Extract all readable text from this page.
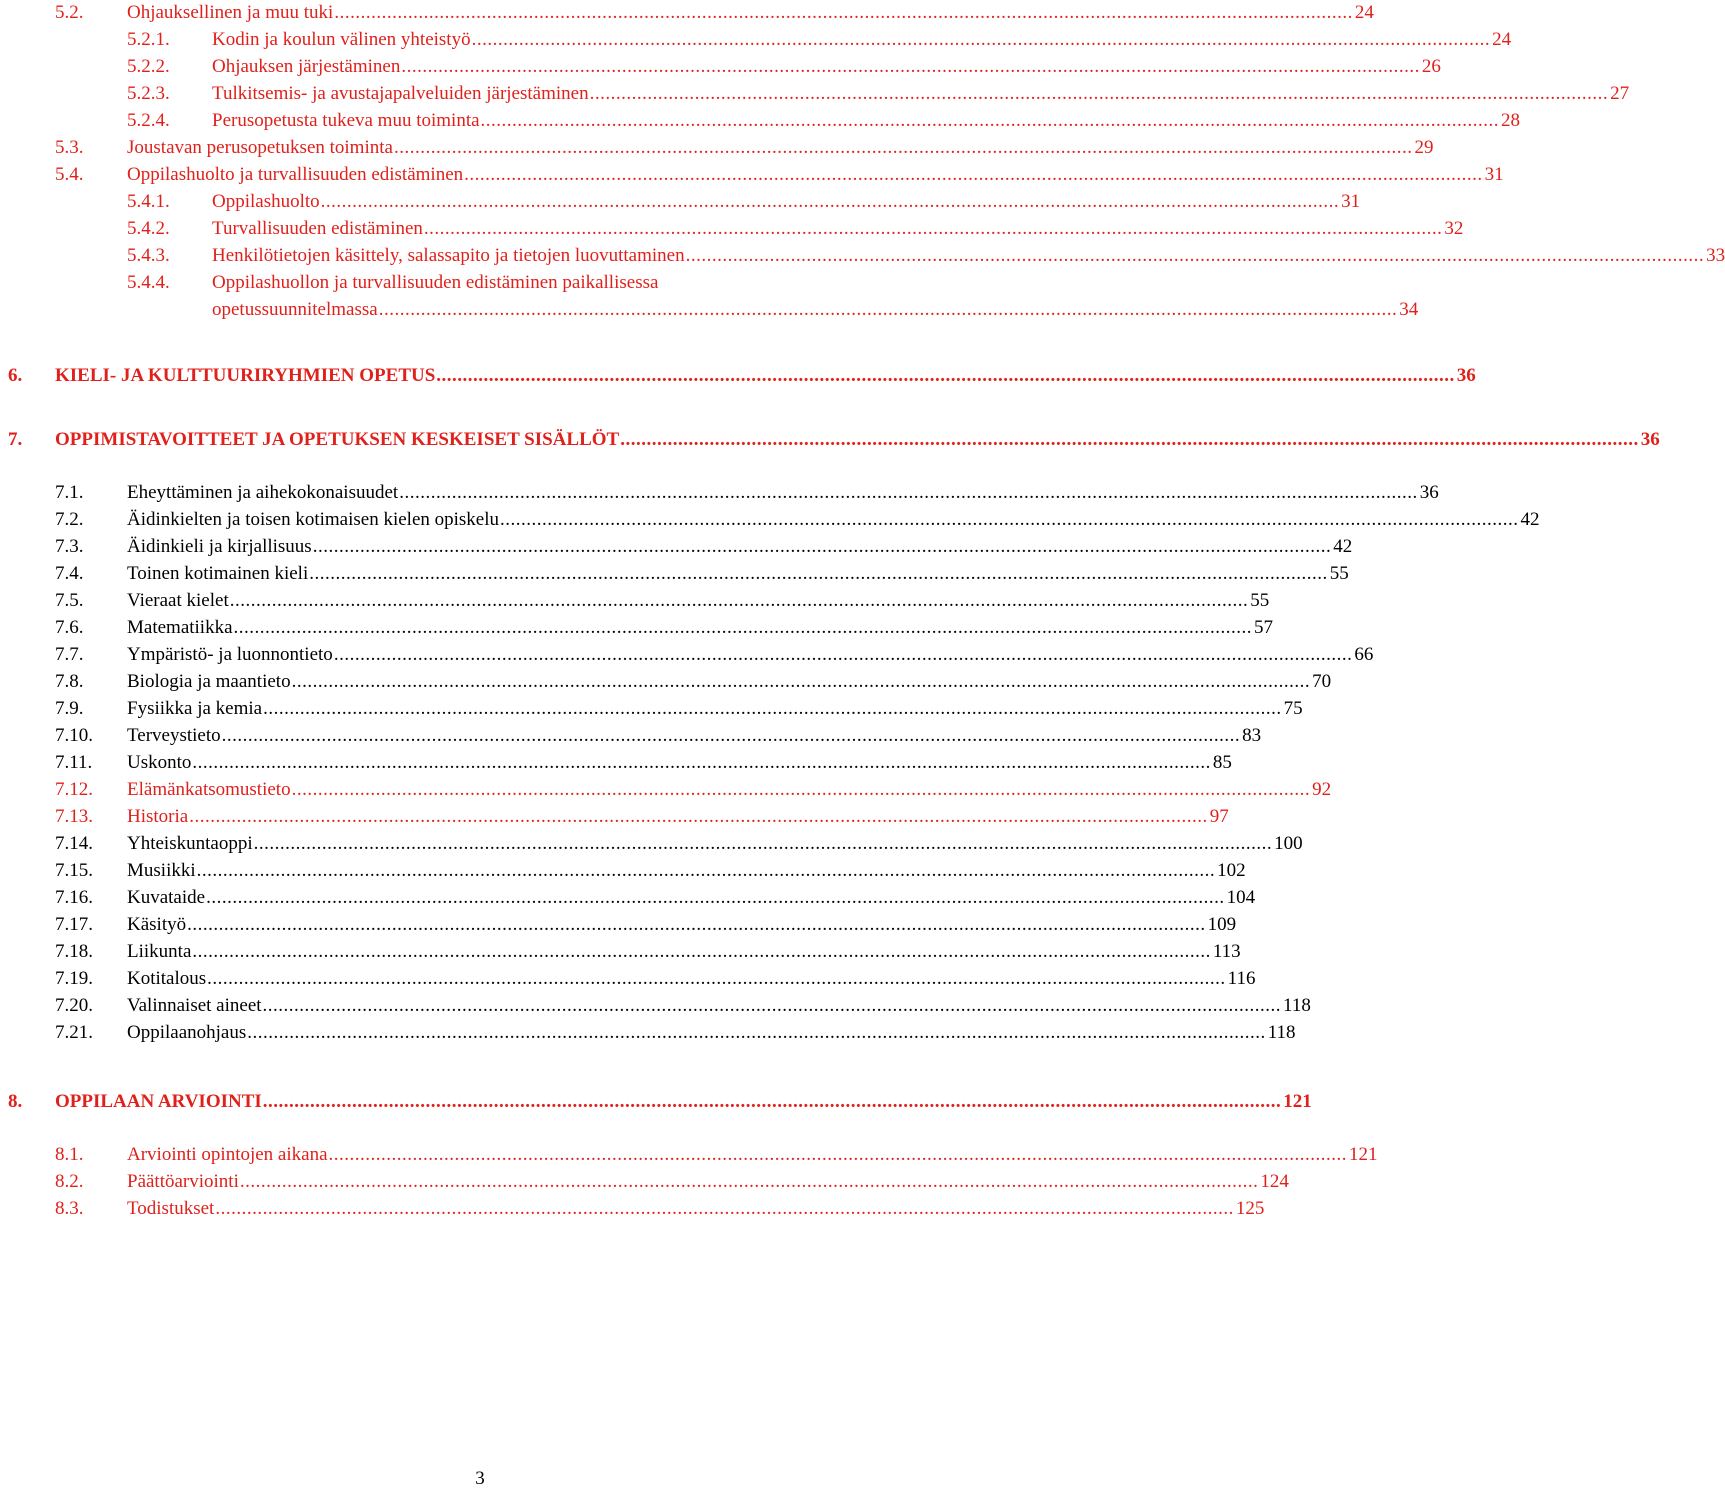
5.2. Ohjauksellinen ja muu tuki .................................................................................................................................................................................................. 24
5.2.1. Kodin ja koulun välinen yhteistyö .................................................................................................................................................................................................. 24
5.2.2. Ohjauksen järjestäminen .................................................................................................................................................................................................. 26
5.2.3. Tulkitsemis- ja avustajapalveluiden järjestäminen .................................................................................................................................................................................................. 27
5.2.4. Perusopetusta tukeva muu toiminta .................................................................................................................................................................................................. 28
5.3. Joustavan perusopetuksen toiminta .................................................................................................................................................................................................. 29
5.4. Oppilashuolto ja turvallisuuden edistäminen .................................................................................................................................................................................................. 31
5.4.1. Oppilashuolto .................................................................................................................................................................................................. 31
5.4.2. Turvallisuuden edistäminen .................................................................................................................................................................................................. 32
5.4.3. Henkilötietojen käsittely, salassapito ja tietojen luovuttaminen .................................................................................................................................................................................................. 33
5.4.4. Oppilashuollon ja turvallisuuden edistäminen paikallisessa
opetussuunnitelmassa .................................................................................................................................................................................................. 34
6. KIELI- JA KULTTUURIRYHMIEN OPETUS .................................................................................................................................................................................................. 36
7. OPPIMISTAVOITTEET JA OPETUKSEN KESKEISET SISÄLLÖT .................................................................................................................................................................................................. 36
7.1. Eheyttäminen ja aihekokonaisuudet .................................................................................................................................................................................................. 36
7.2. Äidinkielten ja toisen kotimaisen kielen opiskelu .................................................................................................................................................................................................. 42
7.3. Äidinkieli ja kirjallisuus .................................................................................................................................................................................................. 42
7.4. Toinen kotimainen kieli .................................................................................................................................................................................................. 55
7.5. Vieraat kielet .................................................................................................................................................................................................. 55
7.6. Matematiikka .................................................................................................................................................................................................. 57
7.7. Ympäristö- ja luonnontieto .................................................................................................................................................................................................. 66
7.8. Biologia ja maantieto .................................................................................................................................................................................................. 70
7.9. Fysiikka ja kemia .................................................................................................................................................................................................. 75
7.10. Terveystieto .................................................................................................................................................................................................. 83
7.11. Uskonto .................................................................................................................................................................................................. 85
7.12. Elämänkatsomustieto .................................................................................................................................................................................................. 92
7.13. Historia .................................................................................................................................................................................................. 97
7.14. Yhteiskuntaoppi .................................................................................................................................................................................................. 100
7.15. Musiikki .................................................................................................................................................................................................. 102
7.16. Kuvataide .................................................................................................................................................................................................. 104
7.17. Käsityö .................................................................................................................................................................................................. 109
7.18. Liikunta .................................................................................................................................................................................................. 113
7.19. Kotitalous .................................................................................................................................................................................................. 116
7.20. Valinnaiset aineet .................................................................................................................................................................................................. 118
7.21. Oppilaanohjaus .................................................................................................................................................................................................. 118
8. OPPILAAN ARVIOINTI .................................................................................................................................................................................................. 121
8.1. Arviointi opintojen aikana .................................................................................................................................................................................................. 121
8.2. Päättöarviointi .................................................................................................................................................................................................. 124
8.3. Todistukset .................................................................................................................................................................................................. 125
3
